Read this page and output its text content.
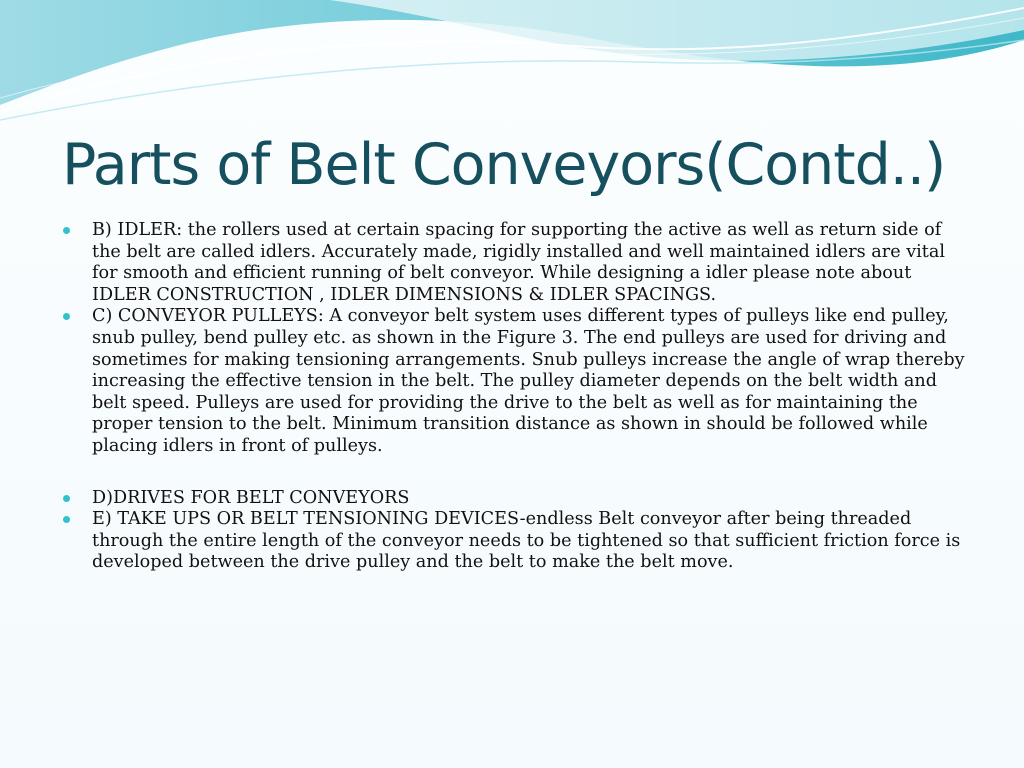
Parts of Belt Conveyors(Contd..)
B) IDLER: the rollers used at certain spacing for supporting the active as well as return side of the belt are called idlers. Accurately made, rigidly installed and well maintained idlers are vital for smooth and efficient running of belt conveyor. While designing a idler please note about IDLER CONSTRUCTION , IDLER DIMENSIONS & IDLER SPACINGS.
C) CONVEYOR PULLEYS: A conveyor belt system uses different types of pulleys like end pulley, snub pulley, bend pulley etc. as shown in the Figure 3. The end pulleys are used for driving and sometimes for making tensioning arrangements. Snub pulleys increase the angle of wrap thereby increasing the effective tension in the belt. The pulley diameter depends on the belt width and belt speed. Pulleys are used for providing the drive to the belt as well as for maintaining the proper tension to the belt. Minimum transition distance as shown in should be followed while placing idlers in front of pulleys.
D)DRIVES FOR BELT CONVEYORS
E) TAKE UPS OR BELT TENSIONING DEVICES-endless Belt conveyor after being threaded through the entire length of the conveyor needs to be tightened so that sufficient friction force is developed between the drive pulley and the belt to make the belt move.
